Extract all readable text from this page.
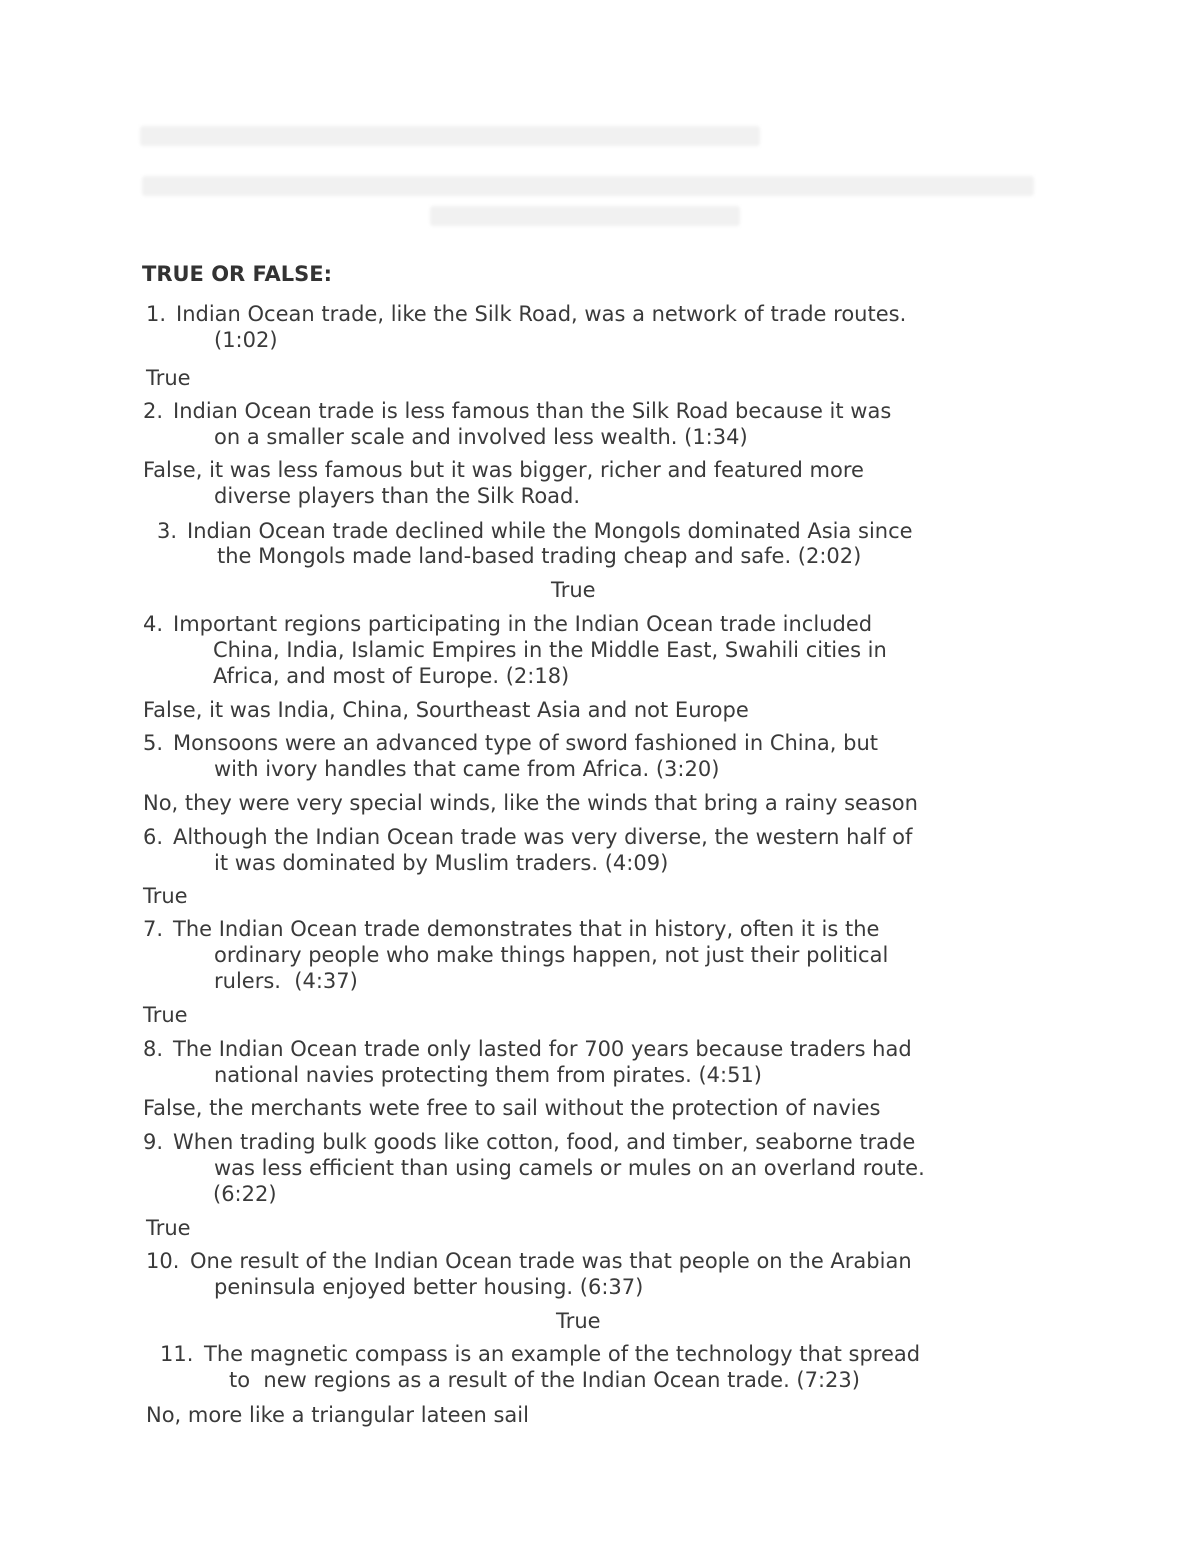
TRUE OR FALSE:
1. Indian Ocean trade, like the Silk Road, was a network of trade routes.
(1:02)
True
2. Indian Ocean trade is less famous than the Silk Road because it was
on a smaller scale and involved less wealth. (1:34)
False, it was less famous but it was bigger, richer and featured more
diverse players than the Silk Road.
3. Indian Ocean trade declined while the Mongols dominated Asia since
the Mongols made land-based trading cheap and safe. (2:02)
True
4. Important regions participating in the Indian Ocean trade included
China, India, Islamic Empires in the Middle East, Swahili cities in
Africa, and most of Europe. (2:18)
False, it was India, China, Sourtheast Asia and not Europe
5. Monsoons were an advanced type of sword fashioned in China, but
with ivory handles that came from Africa. (3:20)
No, they were very special winds, like the winds that bring a rainy season
6. Although the Indian Ocean trade was very diverse, the western half of
it was dominated by Muslim traders. (4:09)
True
7. The Indian Ocean trade demonstrates that in history, often it is the
ordinary people who make things happen, not just their political
rulers.  (4:37)
True
8. The Indian Ocean trade only lasted for 700 years because traders had
national navies protecting them from pirates. (4:51)
False, the merchants wete free to sail without the protection of navies
9. When trading bulk goods like cotton, food, and timber, seaborne trade
was less efficient than using camels or mules on an overland route.
(6:22)
True
10. One result of the Indian Ocean trade was that people on the Arabian
peninsula enjoyed better housing. (6:37)
True
11. The magnetic compass is an example of the technology that spread
to  new regions as a result of the Indian Ocean trade. (7:23)
No, more like a triangular lateen sail
